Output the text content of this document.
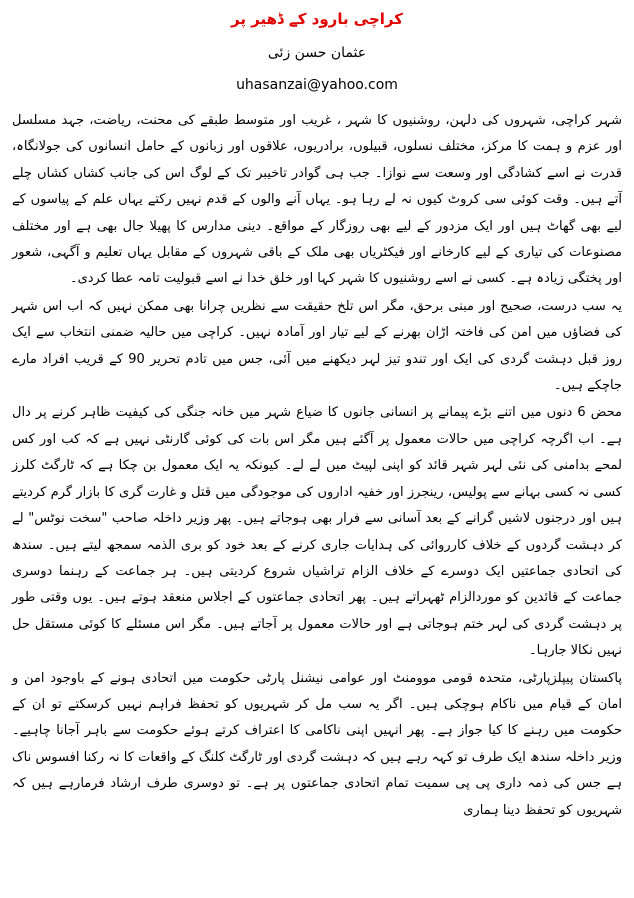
کراچی بارود کے ڈھیر پر
عثمان حسن زئی
uhasanzai@yahoo.com

شہر کراچی، شہروں کی دلہن، روشنیوں کا شہر ، غریب اور متوسط طبقے کی محنت، ریاضت، جہد مسلسل اور عزم و ہمت کا مرکز، مختلف نسلوں، قبیلوں، برادریوں، علاقوں اور زبانوں کے حامل انسانوں کی جولانگاہ، قدرت نے اسے کشادگی اور وسعت سے نوازا۔ جب ہی گوادر تاخیبر تک کے لوگ اس کی جانب کشاں کشاں چلے آتے ہیں۔ وقت کوئی سی کروٹ کیوں نہ لے رہا ہو۔ یہاں آنے والوں کے قدم نہیں رکتے یہاں علم کے پیاسوں کے لیے بھی گھاٹ ہیں اور ایک مزدور کے لیے بھی روزگار کے مواقع۔ دینی مدارس کا پھیلا جال بھی ہے اور مختلف مصنوعات کی تیاری کے لیے کارخانے اور فیکٹریاں بھی ملک کے باقی شہروں کے مقابل یہاں تعلیم و آگہی، شعور اور پختگی زیادہ ہے۔ کسی نے اسے روشنیوں کا شہر کہا اور خلق خدا نے اسے قبولیت تامہ عطا کردی۔

یہ سب درست، صحیح اور مبنی برحق، مگر اس تلخ حقیقت سے نظریں چرانا بھی ممکن نہیں کہ اب اس شہر کی فضاؤں میں امن کی فاختہ اڑان بھرنے کے لیے تیار اور آمادہ نہیں۔ کراچی میں حالیہ ضمنی انتخاب سے ایک روز قبل دہشت گردی کی ایک اور تندو تیز لہر دیکھنے میں آئی، جس میں تادم تحریر 90 کے قریب افراد مارے جاچکے ہیں۔

محض 6 دنوں میں اتنے بڑے پیمانے پر انسانی جانوں کا ضیاع شہر میں خانہ جنگی کی کیفیت ظاہر کرنے پر دال ہے۔ اب اگرچہ کراچی میں حالات معمول پر آگئے ہیں مگر اس بات کی کوئی گارنٹی نہیں ہے کہ کب اور کس لمحے بدامنی کی نئی لہر شہر قائد کو اپنی لپیٹ میں لے لے۔ کیونکہ یہ ایک معمول بن چکا ہے کہ ٹارگٹ کلرز کسی نہ کسی بہانے سے پولیس، رینجرز اور خفیہ اداروں کی موجودگی میں قتل و غارت گری کا بازار گرم کردیتے ہیں اور درجنوں لاشیں گرانے کے بعد آسانی سے فرار بھی ہوجاتے ہیں۔ پھر وزیر داخلہ صاحب "سخت نوٹس" لے کر دہشت گردوں کے خلاف کارروائی کی ہدایات جاری کرنے کے بعد خود کو بری الذمہ سمجھ لیتے ہیں۔ سندھ کی اتحادی جماعتیں ایک دوسرے کے خلاف الزام تراشیاں شروع کردیتی ہیں۔ ہر جماعت کے رہنما دوسری جماعت کے قائدین کو موردالزام ٹھہراتے ہیں۔ پھر اتحادی جماعتوں کے اجلاس منعقد ہوتے ہیں۔ یوں وقتی طور پر دہشت گردی کی لہر ختم ہوجاتی ہے اور حالات معمول پر آجاتے ہیں۔ مگر اس مسئلے کا کوئی مستقل حل نہیں نکالا جارہا۔

پاکستان پیپلزپارٹی، متحدہ قومی موومنٹ اور عوامی نیشنل پارٹی حکومت میں اتحادی ہونے کے باوجود امن و امان کے قیام میں ناکام ہوچکی ہیں۔ اگر یہ سب مل کر شہریوں کو تحفظ فراہم نہیں کرسکتے تو ان کے حکومت میں رہنے کا کیا جواز ہے۔ پھر انہیں اپنی ناکامی کا اعتراف کرتے ہوئے حکومت سے باہر آجانا چاہیے۔ وزیر داخلہ سندھ ایک طرف تو کہہ رہے ہیں کہ دہشت گردی اور ٹارگٹ کلنگ کے واقعات کا نہ رکنا افسوس ناک ہے جس کی ذمہ داری پی پی سمیت تمام اتحادی جماعتوں پر ہے۔ تو دوسری طرف ارشاد فرمارہے ہیں کہ شہریوں کو تحفظ دینا ہماری
